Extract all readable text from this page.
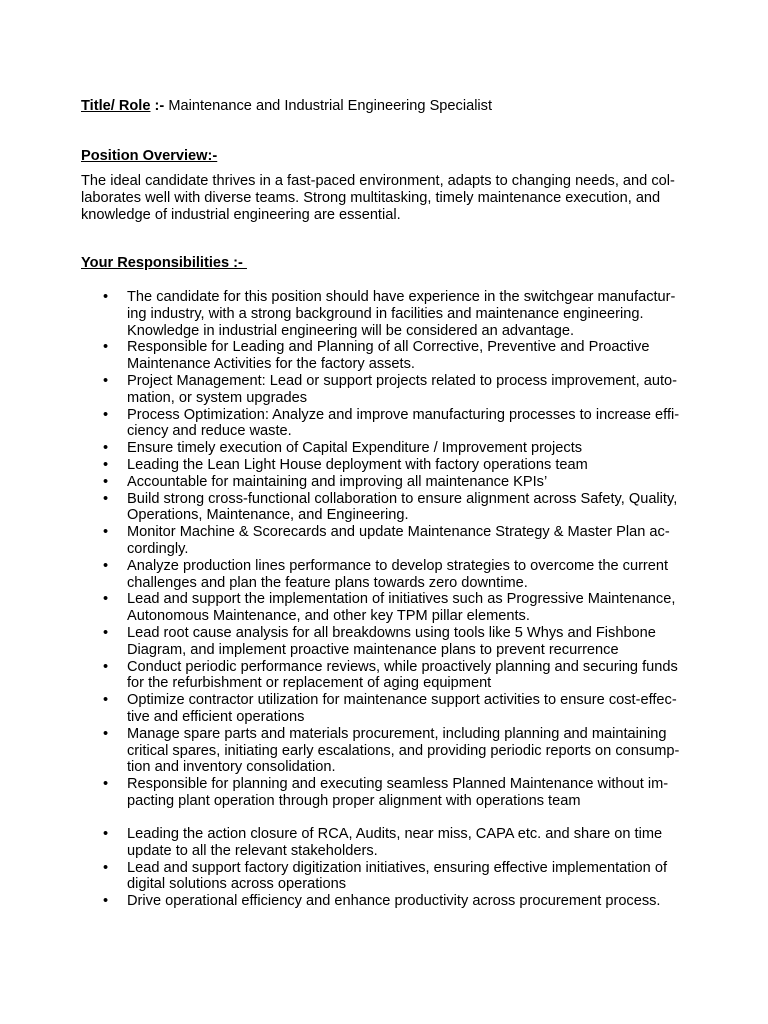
Title/ Role :- Maintenance and Industrial Engineering Specialist
Position Overview:-
The ideal candidate thrives in a fast-paced environment, adapts to changing needs, and col-
laborates well with diverse teams. Strong multitasking, timely maintenance execution, and
knowledge of industrial engineering are essential.
Your Responsibilities :-
•	The candidate for this position should have experience in the switchgear manufactur-
ing industry, with a strong background in facilities and maintenance engineering.
Knowledge in industrial engineering will be considered an advantage.
•	Responsible for Leading and Planning of all Corrective, Preventive and Proactive
Maintenance Activities for the factory assets.
•	Project Management: Lead or support projects related to process improvement, auto-
mation, or system upgrades
•	Process Optimization: Analyze and improve manufacturing processes to increase effi-
ciency and reduce waste.
•	Ensure timely execution of Capital Expenditure / Improvement projects
•	Leading the Lean Light House deployment with factory operations team
•	Accountable for maintaining and improving all maintenance KPIs’
•	Build strong cross-functional collaboration to ensure alignment across Safety, Quality,
Operations, Maintenance, and Engineering.
•	Monitor Machine & Scorecards and update Maintenance Strategy & Master Plan ac-
cordingly.
•	Analyze production lines performance to develop strategies to overcome the current
challenges and plan the feature plans towards zero downtime.
•	Lead and support the implementation of initiatives such as Progressive Maintenance,
Autonomous Maintenance, and other key TPM pillar elements.
•	Lead root cause analysis for all breakdowns using tools like 5 Whys and Fishbone
Diagram, and implement proactive maintenance plans to prevent recurrence
•	Conduct periodic performance reviews, while proactively planning and securing funds
for the refurbishment or replacement of aging equipment
•	Optimize contractor utilization for maintenance support activities to ensure cost-effec-
tive and efficient operations
•	Manage spare parts and materials procurement, including planning and maintaining
critical spares, initiating early escalations, and providing periodic reports on consump-
tion and inventory consolidation.
•	Responsible for planning and executing seamless Planned Maintenance without im-
pacting plant operation through proper alignment with operations team
•	Leading the action closure of RCA, Audits, near miss, CAPA etc. and share on time
update to all the relevant stakeholders.
•	Lead and support factory digitization initiatives, ensuring effective implementation of
digital solutions across operations
•	Drive operational efficiency and enhance productivity across procurement process.
